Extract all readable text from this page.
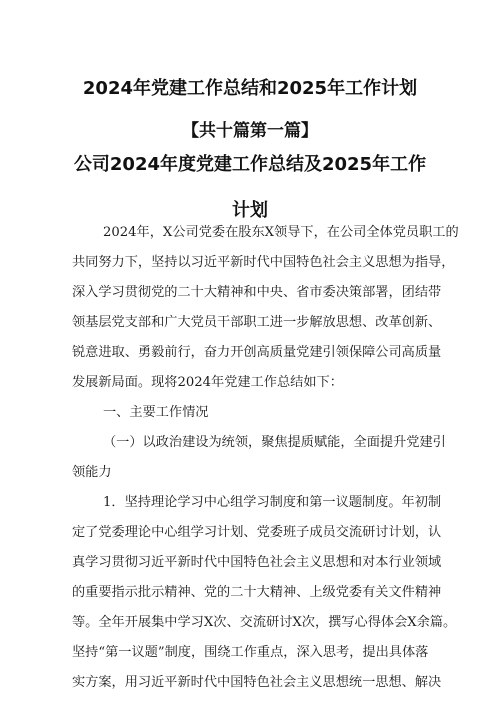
2024年党建工作总结和2025年工作计划
【共十篇第一篇】
公司2024年度党建工作总结及2025年工作
计划
2024年，X公司党委在股东X领导下，在公司全体党员职工的
共同努力下，坚持以习近平新时代中国特色社会主义思想为指导，
深入学习贯彻党的二十大精神和中央、省市委决策部署，团结带
领基层党支部和广大党员干部职工进一步解放思想、改革创新、
锐意进取、勇毅前行，奋力开创高质量党建引领保障公司高质量
发展新局面。现将2024年党建工作总结如下：
一、主要工作情况
（一）以政治建设为统领，聚焦提质赋能，全面提升党建引
领能力
1．坚持理论学习中心组学习制度和第一议题制度。年初制
定了党委理论中心组学习计划、党委班子成员交流研讨计划，认
真学习贯彻习近平新时代中国特色社会主义思想和对本行业领域
的重要指示批示精神、党的二十大精神、上级党委有关文件精神
等。全年开展集中学习X次、交流研讨X次，撰写心得体会X余篇。
坚持“第一议题”制度，围绕工作重点，深入思考，提出具体落
实方案，用习近平新时代中国特色社会主义思想统一思想、解决
